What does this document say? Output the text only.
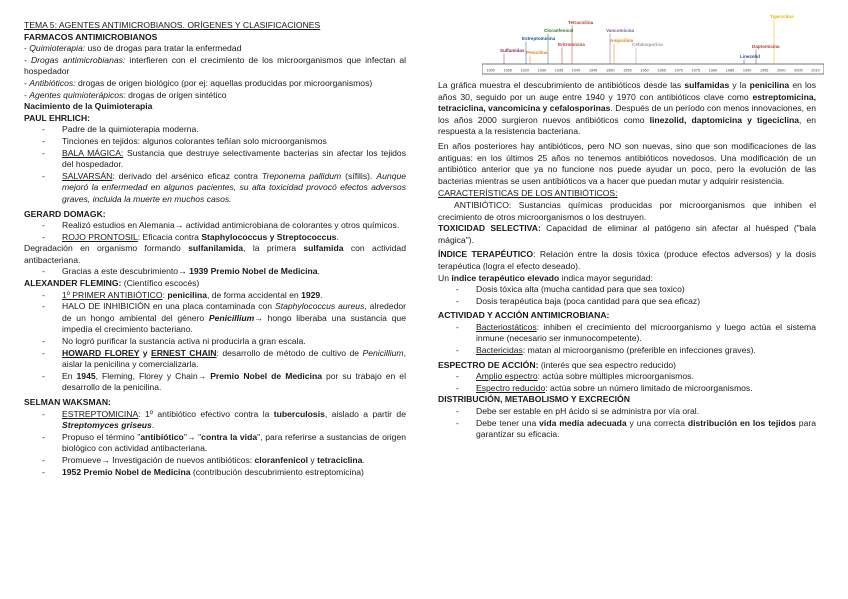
1900 1905 1920 1930 1935 1940 1945 1950 1955 1960 1965 1970 1975 1980 1985 1990 1995 2000 2005 2010
Tetraciclina
Cloranfenicol	Vancomicina
Tigeciclina
Estreptomicina
Eritromicina
Ampicilina
Sulfamidas Penicilina
Cefalosporina	Daptomicina
Linezolid

TEMA 5: AGENTES ANTIMICROBIANOS. ORÍGENES Y CLASIFICACIONES

FARMACOS ANTIMICROBIANOS

- Quimioterapia: uso de drogas para tratar la enfermedad

- Drogas antimicrobianas: interfieren con el crecimiento de los microorganismos que infectan al hospedador

- Antibióticos: drogas de origen biológico (por ej: aquellas producidas por microorganismos)

- Agentes quimioterápicos: drogas de origen sintético

Nacimiento de la Quimioterapia

PAUL EHRLICH:

- Padre de la quimioterapia moderna.
- Tinciones en tejidos: algunos colorantes teñían solo microorganismos
- BALA MÁGICA: Sustancia que destruye selectivamente bacterias sin afectar los tejidos del hospedador.
- SALVARSÁN: derivado del arsénico eficaz contra Treponema pallidum (sífilis). Aunque mejoró la enfermedad en algunos pacientes, su alta toxicidad provocó efectos adversos graves, incluida la muerte en muchos casos.

GERARD DOMAGK:

- Realizó estudios en Alemania→ actividad antimicrobiana de colorantes y otros químicos.
- ROJO PRONTOSIL: Eficacia contra Staphylococcus y Streptococcus.

Degradación en organismo formando sulfanilamida, la primera sulfamida con actividad antibacteriana.

- Gracias a este descubrimiento→ 1939 Premio Nobel de Medicina.

ALEXANDER FLEMING: (Científico escocés)

- 1º PRIMER ANTIBIÓTICO: penicilina, de forma accidental en 1929.
- HALO DE INHIBICIÓN en una placa contaminada con Staphylococcus aureus, alrededor de un hongo ambiental del género Penicillium→ hongo liberaba una sustancia que impedía el crecimiento bacteriano.
- No logró purificar la sustancia activa ni producirla a gran escala.
- HOWARD FLOREY y ERNEST CHAIN: desarrollo de método de cultivo de Penicillium, aislar la penicilina y comercializarla.
- En 1945, Fleming, Florey y Chain→ Premio Nobel de Medicina por su trabajo en el desarrollo de la penicilina.

SELMAN WAKSMAN:

- ESTREPTOMICINA: 1º antibiótico efectivo contra la tuberculosis, aislado a partir de Streptomyces griseus.
- Propuso el término "antibiótico"→ "contra la vida", para referirse a sustancias de origen biológico con actividad antibacteriana.
- Promueve→ Investigación de nuevos antibióticos: cloranfenicol y tetraciclina.
- 1952 Premio Nobel de Medicina (contribución descubrimiento estreptomicina)

La gráfica muestra el descubrimiento de antibióticos desde las sulfamidas y la penicilina en los años 30, seguido por un auge entre 1940 y 1970 con antibióticos clave como estreptomicina, tetraciclina, vancomicina y cefalosporinas. Después de un período con menos innovaciones, en los años 2000 surgieron nuevos antibióticos como linezolid, daptomicina y tigeciclina, en respuesta a la resistencia bacteriana.

En años posteriores hay antibióticos, pero NO son nuevas, sino que son modificaciones de las antiguas: en los últimos 25 años no tenemos antibióticos novedosos. Una modificación de un antibiótico anterior que ya no funcione nos puede ayudar un poco, pero la evolución de las bacterias mientras se usen antibióticos va a hacer que puedan mutar y adquirir resistencia.

CARACTERÍSTICAS DE LOS ANTIBIÓTICOS:

ANTIBIÓTICO: Sustancias químicas producidas por microorganismos que inhiben el crecimiento de otros microorganismos o los destruyen.

TOXICIDAD SELECTIVA: Capacidad de eliminar al patógeno sin afectar al huésped ("bala mágica").

ÍNDICE TERAPÉUTICO: Relación entre la dosis tóxica (produce efectos adversos) y la dosis terapéutica (logra el efecto deseado).

Un índice terapéutico elevado indica mayor seguridad:

- Dosis tóxica alta (mucha cantidad para que sea toxico)
- Dosis terapéutica baja (poca cantidad para que sea eficaz)

ACTIVIDAD Y ACCIÓN ANTIMICROBIANA:

- Bacteriostáticos: inhiben el crecimiento del microorganismo y luego actúa el sistema inmune (necesario ser inmunocompetente).
- Bactericidas: matan al microorganismo (preferible en infecciones graves).

ESPECTRO DE ACCIÓN: (interés que sea espectro reducido)

- Amplio espectro: actúa sobre múltiples microorganismos.
- Espectro reducido: actúa sobre un número limitado de microorganismos.

DISTRIBUCIÓN, METABOLISMO Y EXCRECIÓN

- Debe ser estable en pH ácido si se administra por vía oral.
- Debe tener una vida media adecuada y una correcta distribución en los tejidos para garantizar su eficacia.
